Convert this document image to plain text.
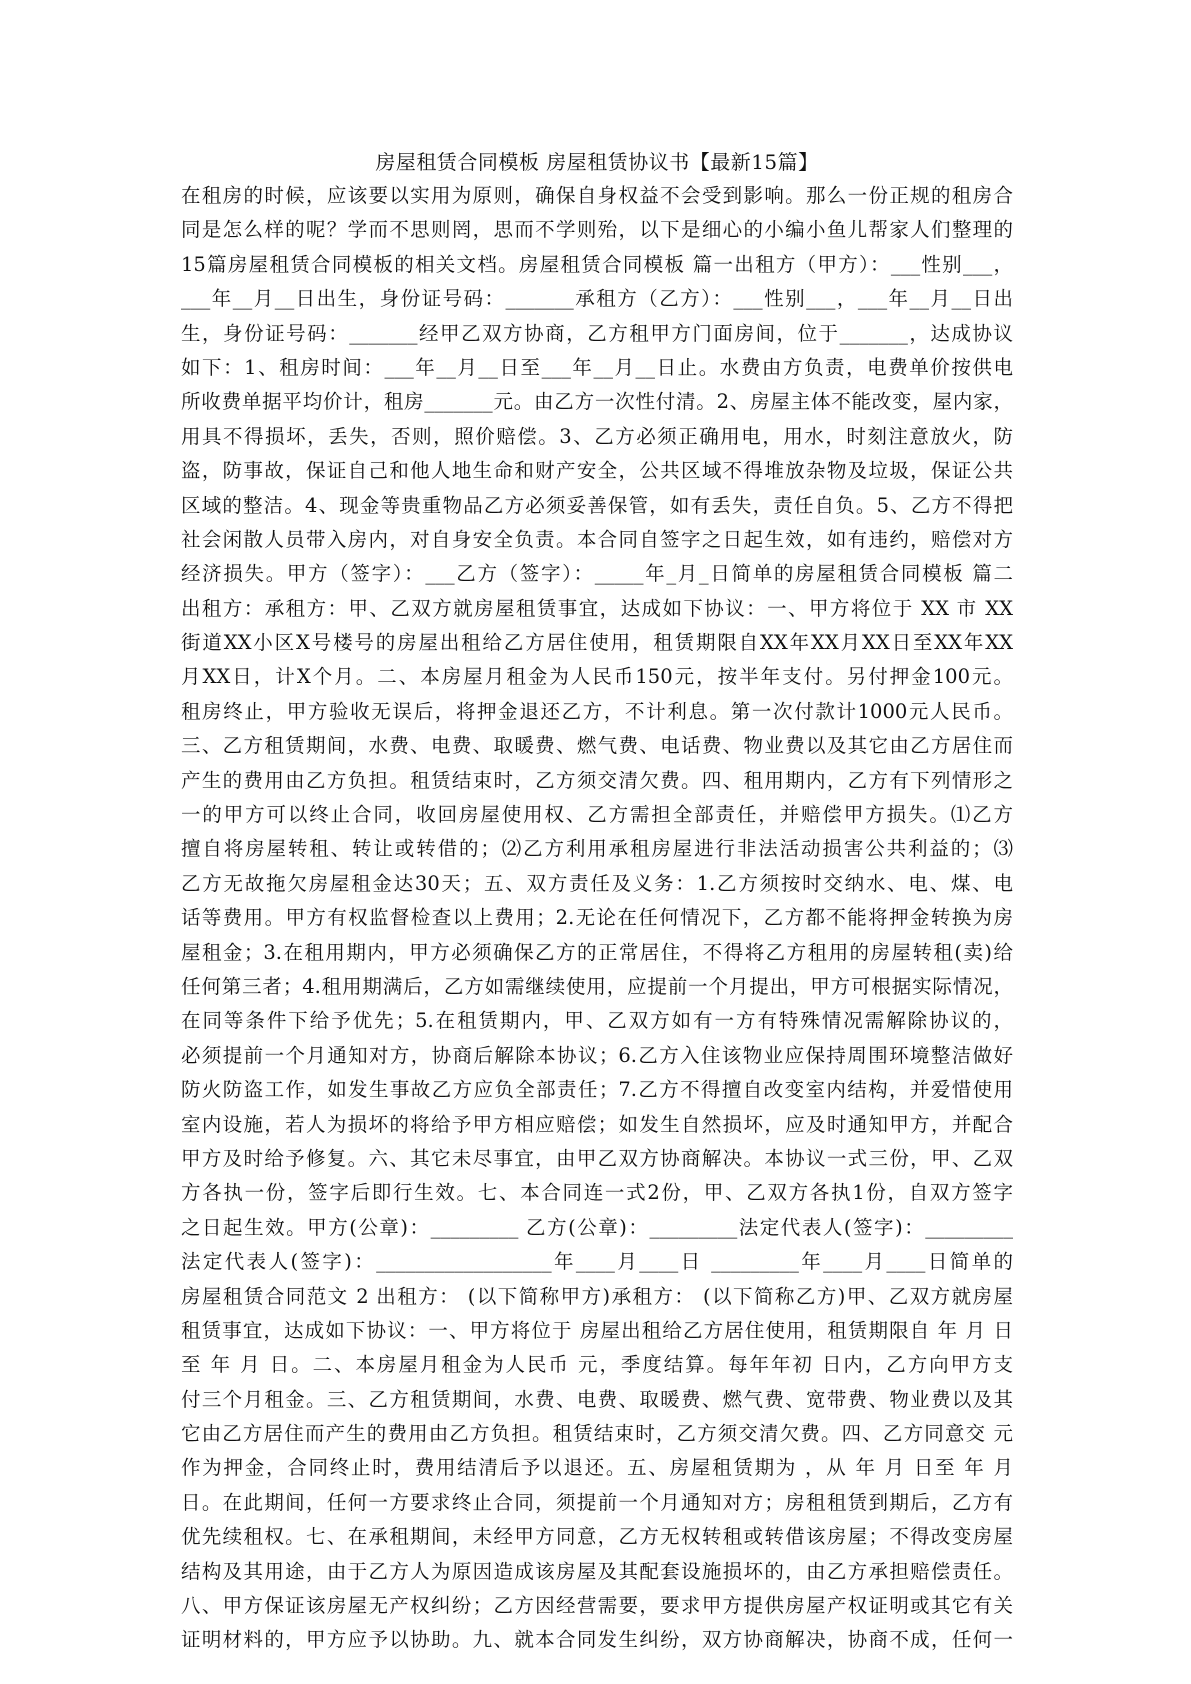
房屋租赁合同模板 房屋租赁协议书【最新15篇】
在租房的时候，应该要以实用为原则，确保自身权益不会受到影响。那么一份正规的租房合
同是怎么样的呢？学而不思则罔，思而不学则殆，以下是细心的小编小鱼儿帮家人们整理的
15篇房屋租赁合同模板的相关文档。房屋租赁合同模板 篇一出租方（甲方）：___性别___，
___年__月__日出生，身份证号码：_______承租方（乙方）：___性别___，___年__月__日出
生，身份证号码：_______经甲乙双方协商，乙方租甲方门面房间，位于_______，达成协议
如下：1、租房时间：___年__月__日至___年__月__日止。水费由方负责，电费单价按供电
所收费单据平均价计，租房_______元。由乙方一次性付清。2、房屋主体不能改变，屋内家，
用具不得损坏，丢失，否则，照价赔偿。3、乙方必须正确用电，用水，时刻注意放火，防
盗，防事故，保证自己和他人地生命和财产安全，公共区域不得堆放杂物及垃圾，保证公共
区域的整洁。4、现金等贵重物品乙方必须妥善保管，如有丢失，责任自负。5、乙方不得把
社会闲散人员带入房内，对自身安全负责。本合同自签字之日起生效，如有违约，赔偿对方
经济损失。甲方（签字）：___乙方（签字）：_____年_月_日简单的房屋租赁合同模板 篇二
出租方：承租方：甲、乙双方就房屋租赁事宜，达成如下协议：一、甲方将位于 XX 市 XX
街道XX小区X号楼号的房屋出租给乙方居住使用，租赁期限自XX年XX月XX日至XX年XX
月XX日，计X个月。二、本房屋月租金为人民币150元，按半年支付。另付押金100元。
租房终止，甲方验收无误后，将押金退还乙方，不计利息。第一次付款计1000元人民币。
三、乙方租赁期间，水费、电费、取暖费、燃气费、电话费、物业费以及其它由乙方居住而
产生的费用由乙方负担。租赁结束时，乙方须交清欠费。四、租用期内，乙方有下列情形之
一的甲方可以终止合同，收回房屋使用权、乙方需担全部责任，并赔偿甲方损失。⑴乙方
擅自将房屋转租、转让或转借的；⑵乙方利用承租房屋进行非法活动损害公共利益的；⑶
乙方无故拖欠房屋租金达30天；五、双方责任及义务：1.乙方须按时交纳水、电、煤、电
话等费用。甲方有权监督检查以上费用；2.无论在任何情况下，乙方都不能将押金转换为房
屋租金；3.在租用期内，甲方必须确保乙方的正常居住，不得将乙方租用的房屋转租(卖)给
任何第三者；4.租用期满后，乙方如需继续使用，应提前一个月提出，甲方可根据实际情况，
在同等条件下给予优先；5.在租赁期内，甲、乙双方如有一方有特殊情况需解除协议的，
必须提前一个月通知对方，协商后解除本协议；6.乙方入住该物业应保持周围环境整洁做好
防火防盗工作，如发生事故乙方应负全部责任；7.乙方不得擅自改变室内结构，并爱惜使用
室内设施，若人为损坏的将给予甲方相应赔偿；如发生自然损坏，应及时通知甲方，并配合
甲方及时给予修复。六、其它未尽事宜，由甲乙双方协商解决。本协议一式三份，甲、乙双
方各执一份，签字后即行生效。七、本合同连一式2份，甲、乙双方各执1份，自双方签字
之日起生效。甲方(公章)：_________ 乙方(公章)：_________法定代表人(签字)：_________
法定代表人(签字)：__________________年____月____日 _________年____月____日简单的
房屋租赁合同范文 2 出租方： (以下简称甲方)承租方： (以下简称乙方)甲、乙双方就房屋
租赁事宜，达成如下协议：一、甲方将位于 房屋出租给乙方居住使用，租赁期限自 年 月 日
至 年 月 日。二、本房屋月租金为人民币 元，季度结算。每年年初 日内，乙方向甲方支
付三个月租金。三、乙方租赁期间，水费、电费、取暖费、燃气费、宽带费、物业费以及其
它由乙方居住而产生的费用由乙方负担。租赁结束时，乙方须交清欠费。四、乙方同意交 元
作为押金，合同终止时，费用结清后予以退还。五、房屋租赁期为 ，从 年 月 日至 年 月
日。在此期间，任何一方要求终止合同，须提前一个月通知对方；房租租赁到期后，乙方有
优先续租权。七、在承租期间，未经甲方同意，乙方无权转租或转借该房屋；不得改变房屋
结构及其用途，由于乙方人为原因造成该房屋及其配套设施损坏的，由乙方承担赔偿责任。
八、甲方保证该房屋无产权纠纷；乙方因经营需要，要求甲方提供房屋产权证明或其它有关
证明材料的，甲方应予以协助。九、就本合同发生纠纷，双方协商解决，协商不成，任何一
